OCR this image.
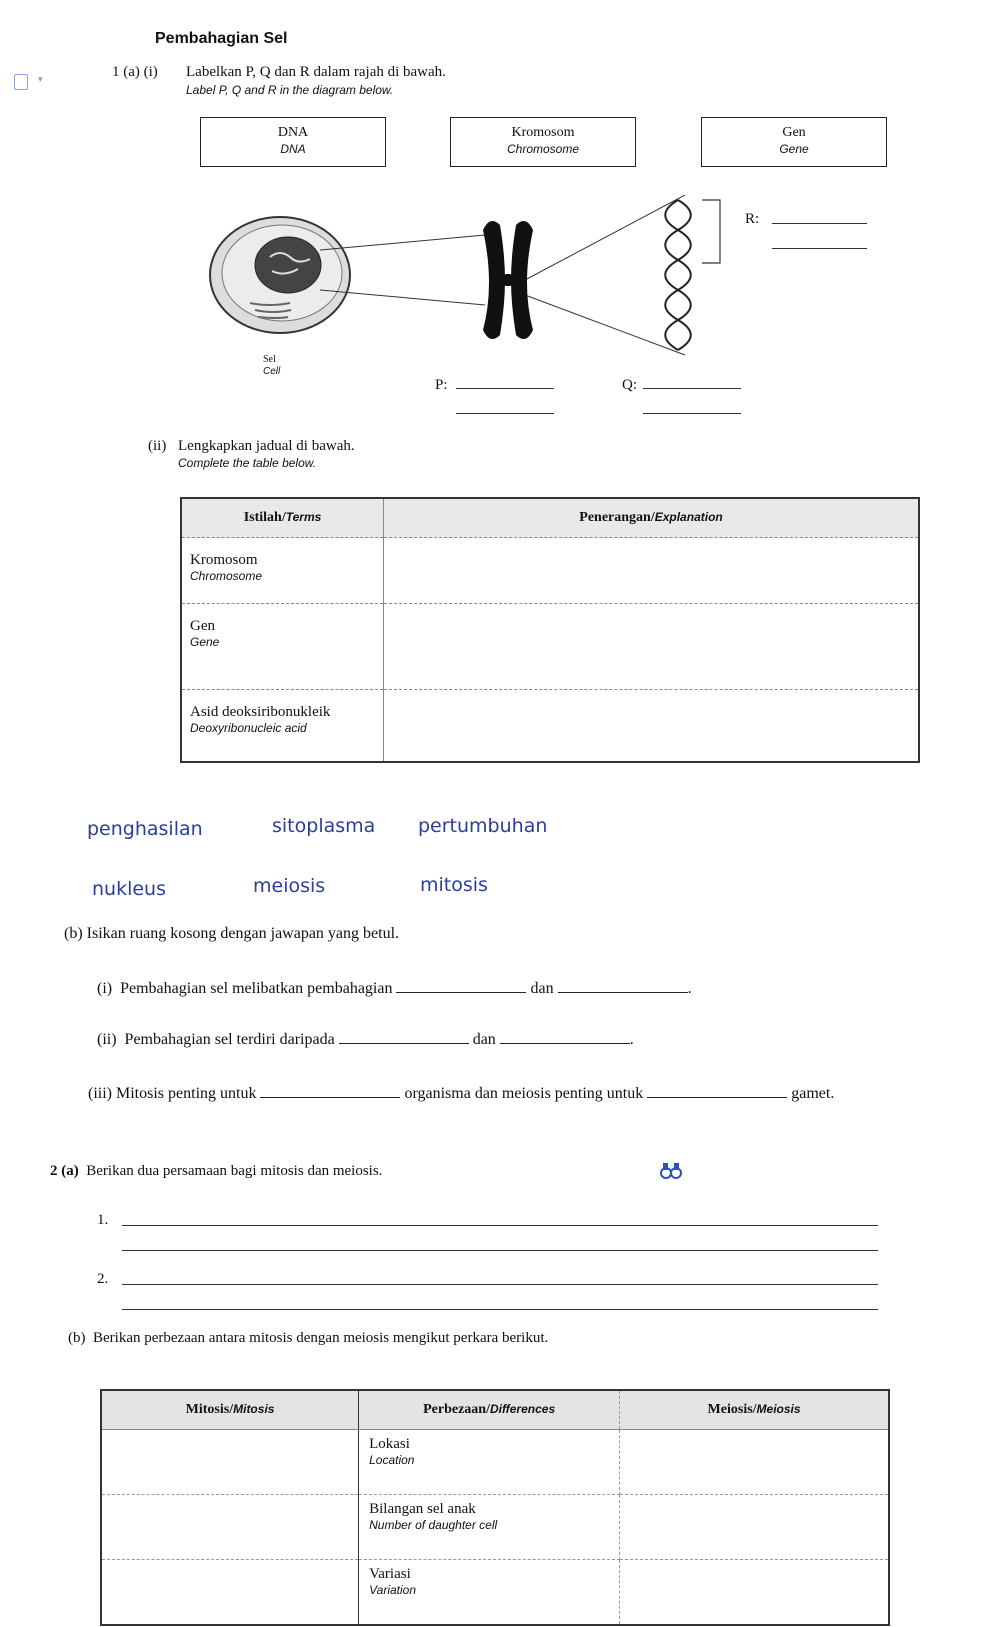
▾
Pembahagian Sel
1 (a) (i) Labelkan P, Q dan R dalam rajah di bawah.
Label P, Q and R in the diagram below.
DNA
DNA
Kromosom
Chromosome
Gen
Gene
Sel
Cell
R:
P:	Q:
(ii) Lengkapkan jadual di bawah.
Complete the table below.
Istilah/Terms	Penerangan/Explanation

Kromosom
Chromosome	

Gen
Gene	

Asid deoksiribonukleik
Deoxyribonucleic acid	

penghasilan	sitoplasma pertumbuhan
nukleus	meiosis	mitosis
(b) Isikan ruang kosong dengan jawapan yang betul.
(i) Pembahagian sel melibatkan pembahagian	dan	.
(ii) Pembahagian sel terdiri daripada	dan	.
(iii) Mitosis penting untuk	organisma dan meiosis penting untuk	gamet.
2 (a) Berikan dua persamaan bagi mitosis dan meiosis.
1.
2.
(b) Berikan perbezaan antara mitosis dengan meiosis mengikut perkara berikut.
Mitosis/Mitosis	Perbezaan/Differences	Meiosis/Meiosis

	Lokasi
Location	

	Bilangan sel anak
Number of daughter cell	

	Variasi
Variation	
